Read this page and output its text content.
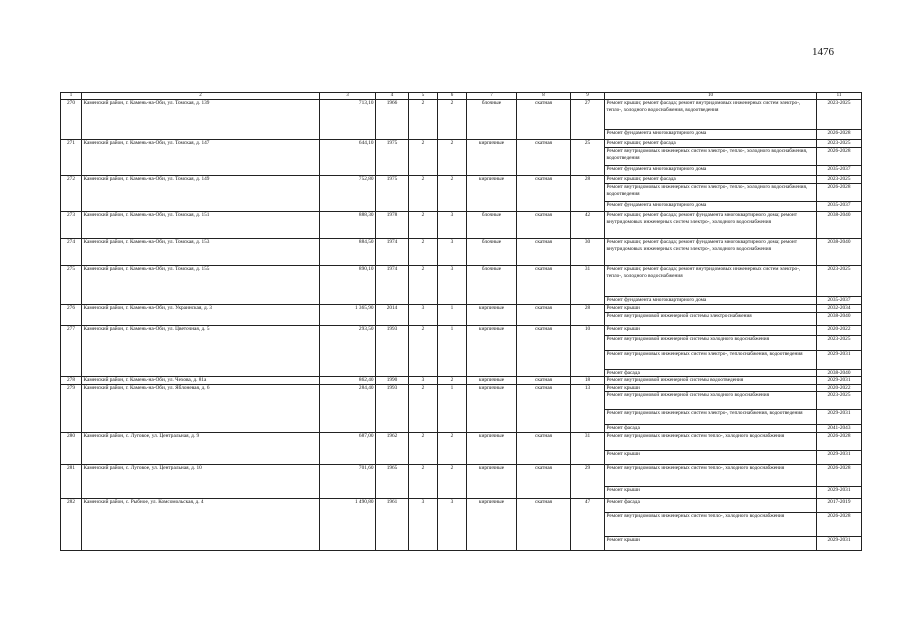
1476
1	2	3	4	5	6	7	8	9	10	11
270	Каменский район, г. Камень-на-Оби, ул. Томская, д. 139	713,10	1966	2	2	блочные	скатная	27	Ремонт крыши; ремонт фасада; ремонт внутридомовых инженерных систем электро-, тепло-, холодного водоснабжения, водоотведения	2023-2025
									Ремонт фундамента многоквартирного дома	2026-2028
271	Каменский район, г. Камень-на-Оби, ул. Томская, д. 147	644,10	1975	2	2	кирпичные	скатная	25	Ремонт крыши; ремонт фасада	2023-2025
									Ремонт внутридомовых инженерных систем электро-, тепло-, холодного водоснабжения, водоотведения	2026-2028
									Ремонт фундамента многоквартирного дома	2035-2037
272	Каменский район, г. Камень-на-Оби, ул. Томская, д. 149	752,80	1975	2	2	кирпичные	скатная	28	Ремонт крыши; ремонт фасада	2023-2025
									Ремонт внутридомовых инженерных систем электро-, тепло-, холодного водоснабжения, водоотведения	2026-2028
									Ремонт фундамента многоквартирного дома	2035-2037
273	Каменский район, г. Камень-на-Оби, ул. Томская, д. 151	888,30	1978	2	3	блочные	скатная	42	Ремонт крыши; ремонт фасада; ремонт фундамента многоквартирного дома; ремонт внутридомовых инженерных систем электро-, холодного водоснабжения	2038-2040
274	Каменский район, г. Камень-на-Оби, ул. Томская, д. 153	884,50	1974	2	3	блочные	скатная	30	Ремонт крыши; ремонт фасада; ремонт фундамента многоквартирного дома; ремонт внутридомовых инженерных систем электро-, холодного водоснабжения	2038-2040
275	Каменский район, г. Камень-на-Оби, ул. Томская, д. 155	890,10	1974	2	3	блочные	скатная	31	Ремонт крыши; ремонт фасада; ремонт внутридомовых инженерных систем электро-, тепло-, холодного водоснабжения	2023-2025
									Ремонт фундамента многоквартирного дома	2035-2037
276	Каменский район, г. Камень-на-Оби, ул. Украинская, д. 3	1 365,90	2014	3	1	кирпичные	скатная	28	Ремонт крыши	2032-2034
									Ремонт внутридомовой инженерной системы электроснабжения	2038-2040
277	Каменский район, г. Камень-на-Оби, ул. Цветочная, д. 5	293,50	1993	2	1	кирпичные	скатная	10	Ремонт крыши	2020-2022
									Ремонт внутридомовой инженерной системы холодного водоснабжения	2023-2025
									Ремонт внутридомовых инженерных систем электро-, теплоснабжения, водоотведения	2029-2031
									Ремонт фасада	2038-2040
278	Каменский район, г. Камень-на-Оби, ул. Чехова, д. 81а	862,40	1990	3	2	кирпичные	скатная	18	Ремонт внутридомовой инженерной системы водоотведения	2029-2031
279	Каменский район, г. Камень-на-Оби, ул. Яблоневая, д. 6	284,40	1993	2	1	кирпичные	скатная	13	Ремонт крыши	2020-2022
									Ремонт внутридомовой инженерной системы холодного водоснабжения	2023-2025
									Ремонт внутридомовых инженерных систем электро-, теплоснабжения, водоотведения	2029-2031
									Ремонт фасада	2041-2043
280	Каменский район, с. Луговое, ул. Центральная, д. 9	687,00	1962	2	2	кирпичные	скатная	31	Ремонт внутридомовых инженерных систем тепло-, холодного водоснабжения	2026-2028
									Ремонт крыши	2029-2031
281	Каменский район, с. Луговое, ул. Центральная, д. 10	701,60	1965	2	2	кирпичные	скатная	29	Ремонт внутридомовых инженерных систем тепло-, холодного водоснабжения	2026-2028
									Ремонт крыши	2029-2031
282	Каменский район, с. Рыбное, ул. Комсомольская, д. 4	1 490,80	1961	3	3	кирпичные	скатная	47	Ремонт фасада	2017-2019
									Ремонт внутридомовых инженерных систем тепло-, холодного водоснабжения	2026-2028
									Ремонт крыши	2029-2031
